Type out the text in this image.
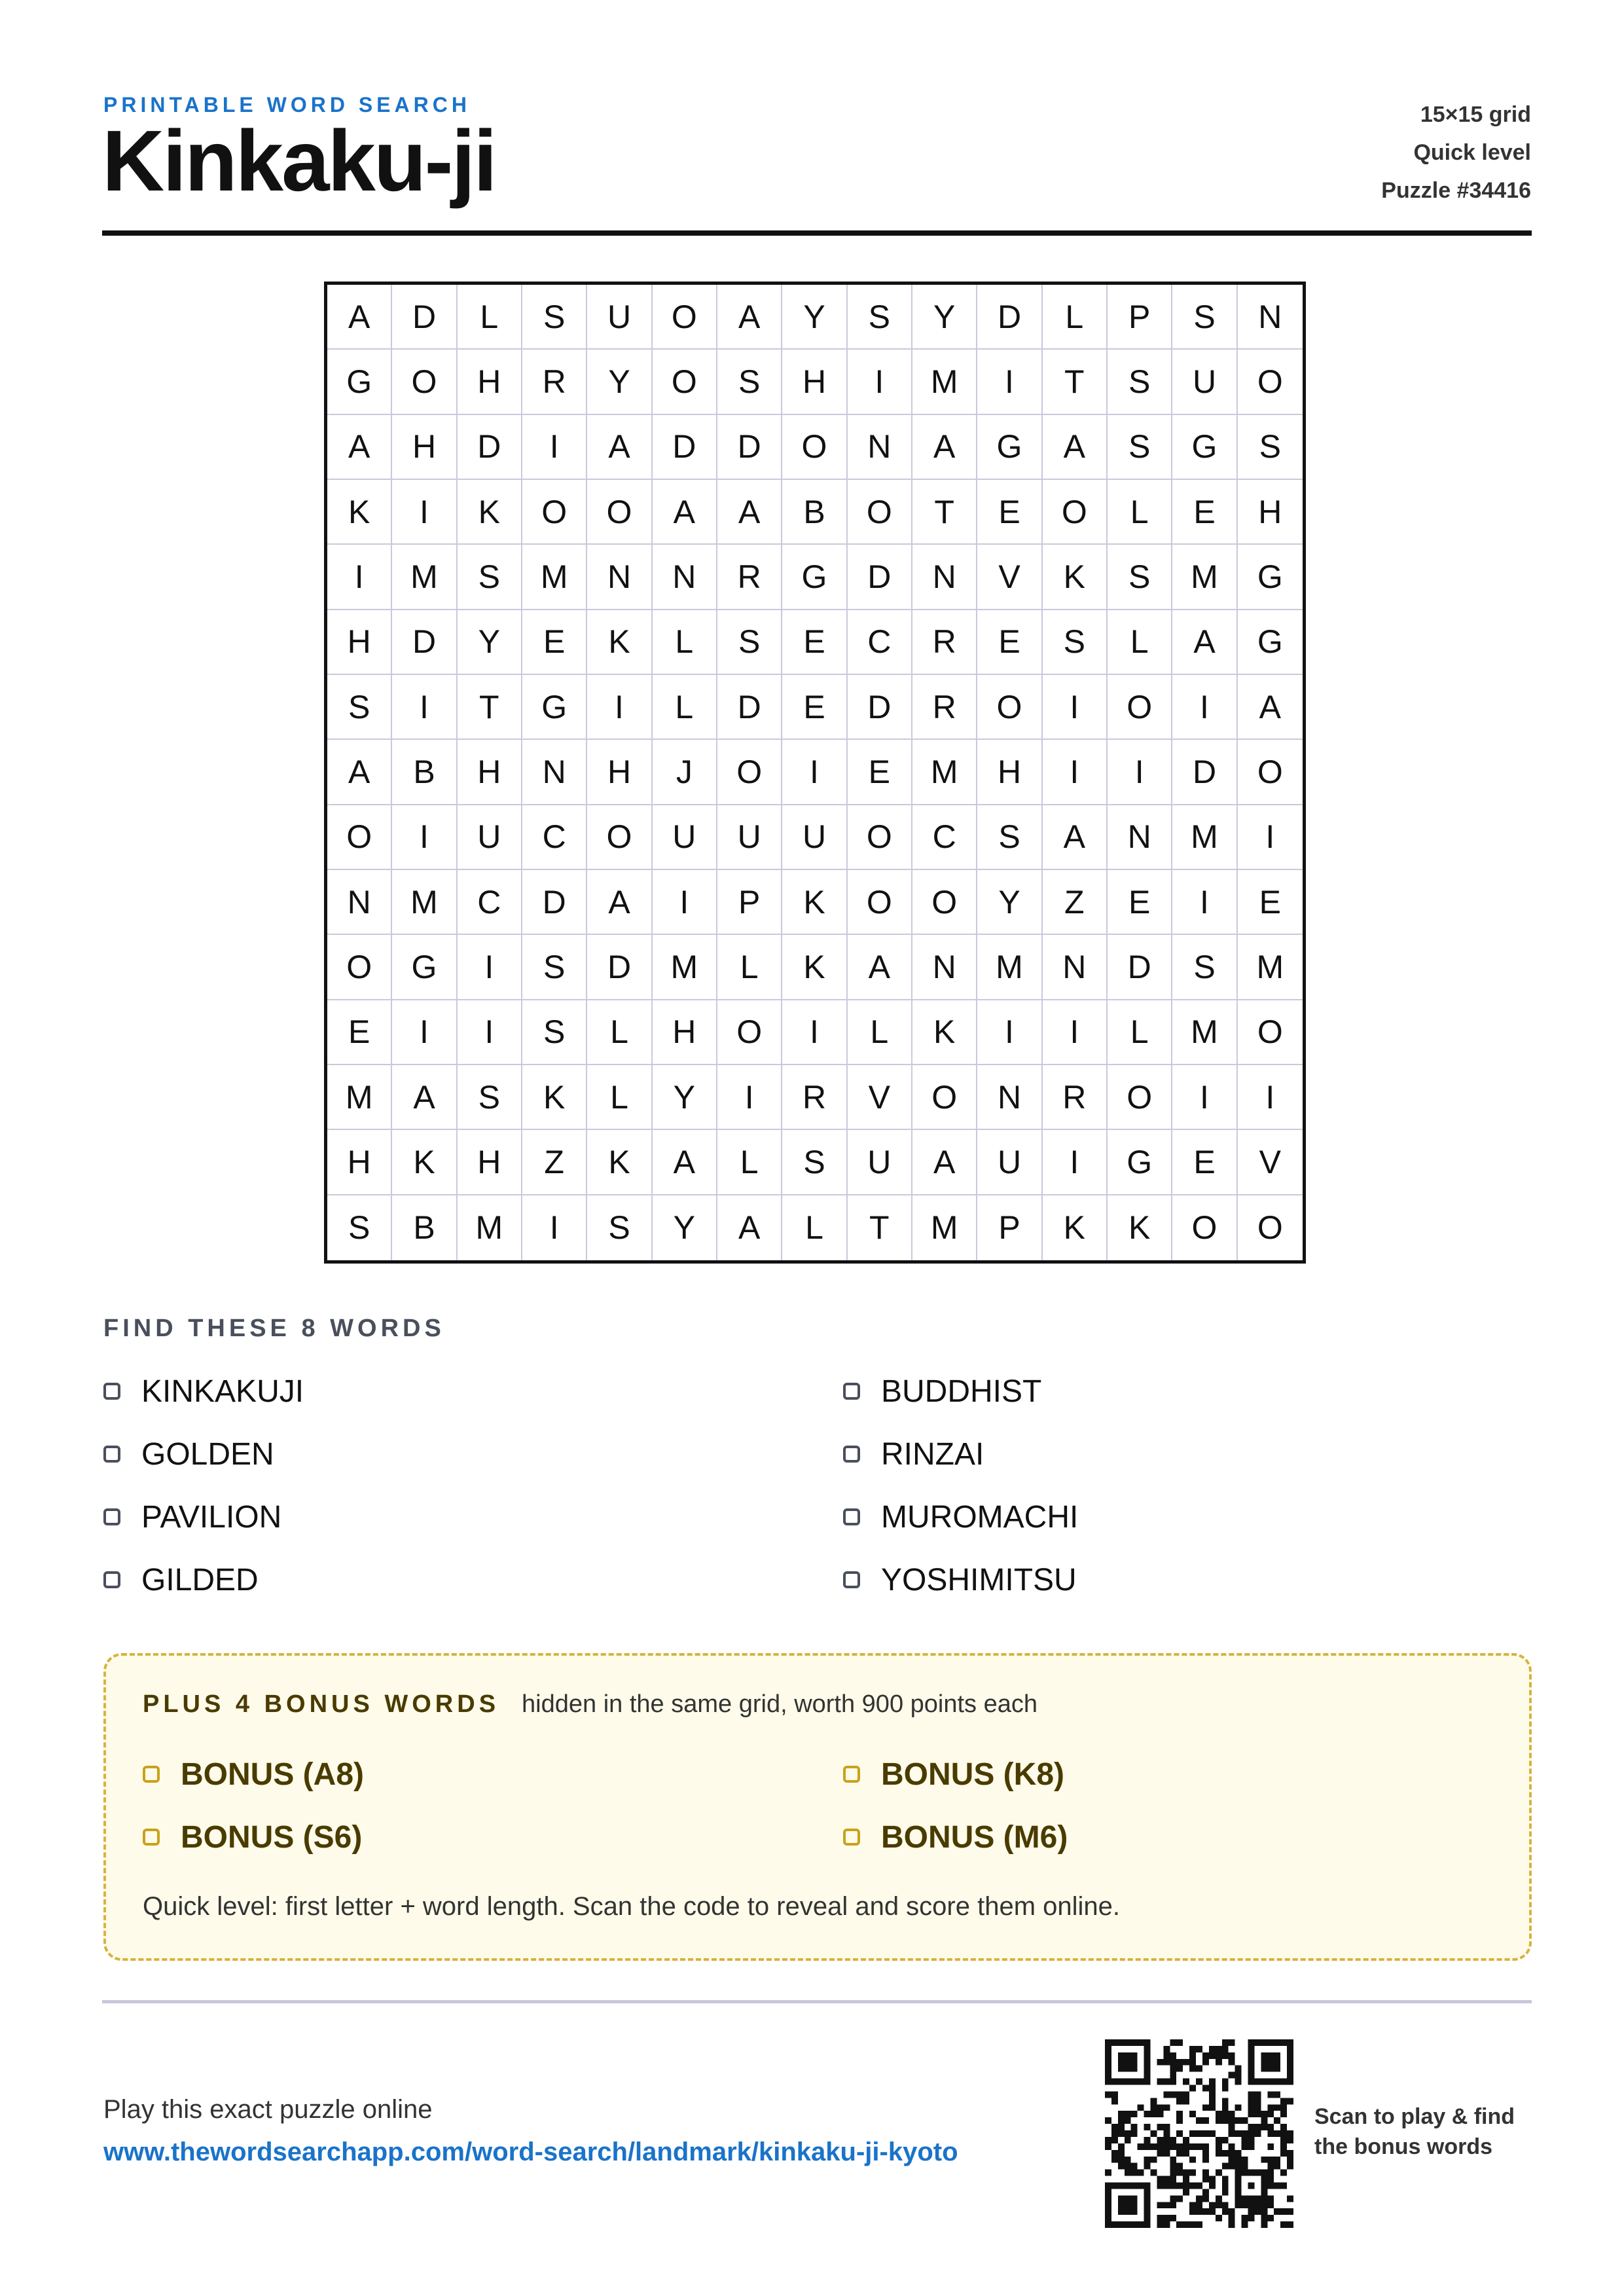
PRINTABLE WORD SEARCH
Kinkaku-ji	15×15 grid
Quick level
Puzzle #34416
A	D	L	S	U	O	A	Y	S	Y	D	L	P	S	N
G	O	H	R	Y	O	S	H	I	M	I	T	S	U	O
A	H	D	I	A	D	D	O	N	A	G	A	S	G	S
K	I	K	O	O	A	A	B	O	T	E	O	L	E	H
I	M	S	M	N	N	R	G	D	N	V	K	S	M	G
H	D	Y	E	K	L	S	E	C	R	E	S	L	A	G
S	I	T	G	I	L	D	E	D	R	O	I	O	I	A
A	B	H	N	H	J	O	I	E	M	H	I	I	D	O
O	I	U	C	O	U	U	U	O	C	S	A	N	M	I
N	M	C	D	A	I	P	K	O	O	Y	Z	E	I	E
O	G	I	S	D	M	L	K	A	N	M	N	D	S	M
E	I	I	S	L	H	O	I	L	K	I	I	L	M	O
M	A	S	K	L	Y	I	R	V	O	N	R	O	I	I
H	K	H	Z	K	A	L	S	U	A	U	I	G	E	V
S	B	M	I	S	Y	A	L	T	M	P	K	K	O	O
FIND THESE 8 WORDS
KINKAKUJI	BUDDHIST
GOLDEN	RINZAI
PAVILION	MUROMACHI
GILDED	YOSHIMITSU
PLUS 4 BONUS WORDS hidden in the same grid, worth 900 points each
BONUS (A8)	BONUS (K8)
BONUS (S6)	BONUS (M6)
Quick level: first letter + word length. Scan the code to reveal and score them online.
Play this exact puzzle online
www.thewordsearchapp.com/word-search/landmark/kinkaku-ji-kyoto
Scan to play & find
the bonus words
